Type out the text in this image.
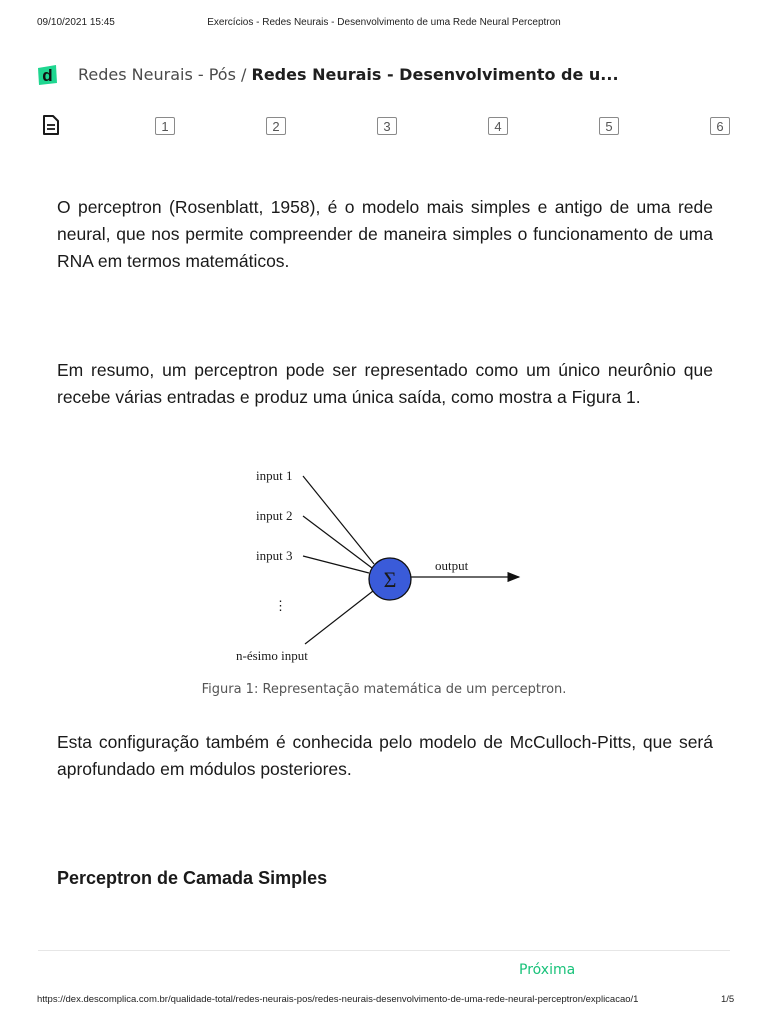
09/10/2021 15:45	Exercícios - Redes Neurais - Desenvolvimento de uma Rede Neural Perceptron
d Redes Neurais - Pós / Redes Neurais - Desenvolvimento de u...
1	2	3	4	5	6
O perceptron (Rosenblatt, 1958), é o modelo mais simples e antigo de uma rede neural, que nos permite compreender de maneira simples o funcionamento de uma RNA em termos matemáticos.
Em resumo, um perceptron pode ser representado como um único neurônio que recebe várias entradas e produz uma única saída, como mostra a Figura 1.
Σ
input 1
input 2
input 3
⋮
n-ésimo input
output
Figura 1: Representação matemática de um perceptron.
Esta configuração também é conhecida pelo modelo de McCulloch-Pitts, que será aprofundado em módulos posteriores.
Perceptron de Camada Simples
Próxima
https://dex.descomplica.com.br/qualidade-total/redes-neurais-pos/redes-neurais-desenvolvimento-de-uma-rede-neural-perceptron/explicacao/1	1/5
